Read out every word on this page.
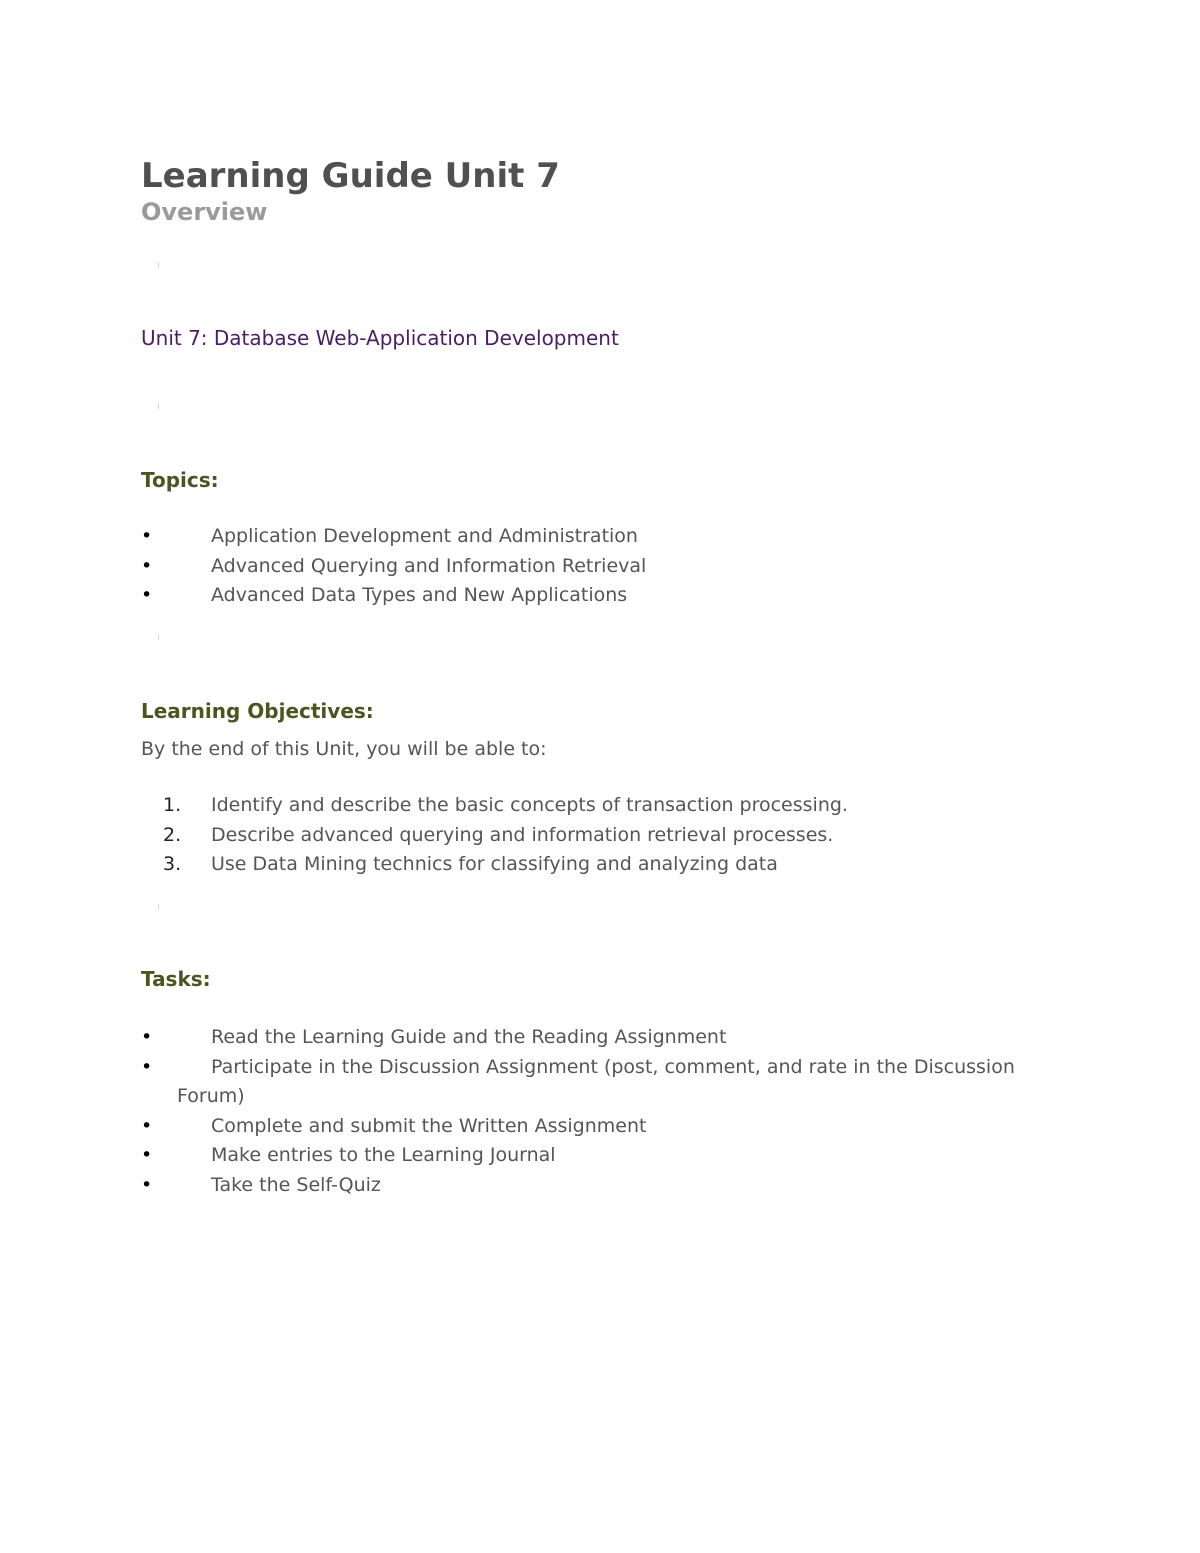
Learning Guide Unit 7
Overview
Unit 7: Database Web-Application Development
Topics:
•	Application Development and Administration
•	Advanced Querying and Information Retrieval
•	Advanced Data Types and New Applications
Learning Objectives:

By the end of this Unit, you will be able to:

1. Identify and describe the basic concepts of transaction processing.
2. Describe advanced querying and information retrieval processes.
3. Use Data Mining technics for classifying and analyzing data
Tasks:
•	Read the Learning Guide and the Reading Assignment
•	Participate in the Discussion Assignment (post, comment, and rate in the Discussion Forum)
•	Complete and submit the Written Assignment
•	Make entries to the Learning Journal
•	Take the Self-Quiz
